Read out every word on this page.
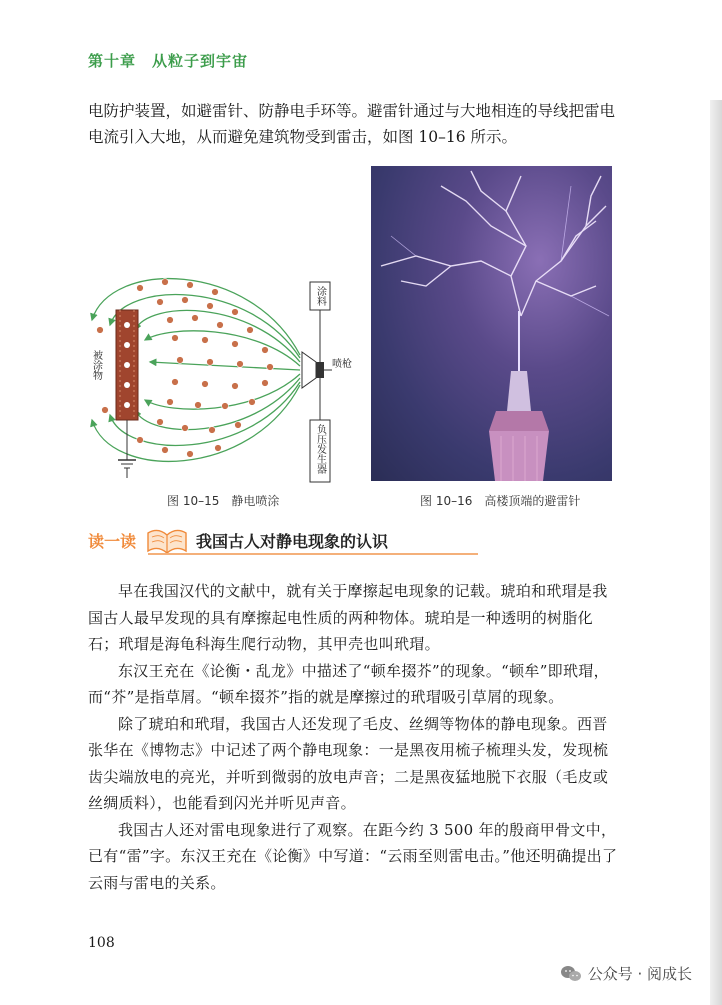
第十章　从粒子到宇宙
电防护装置，如避雷针、防静电手环等。避雷针通过与大地相连的导线把雷电电流引入大地，从而避免建筑物受到雷击，如图 10–16 所示。
被涂物	喷枪
涂料
负压发生器
图 10–15　静电喷涂	图 10–16　高楼顶端的避雷针
读一读	我国古人对静电现象的认识

早在我国汉代的文献中，就有关于摩擦起电现象的记载。琥珀和玳瑁是我国古人最早发现的具有摩擦起电性质的两种物体。琥珀是一种透明的树脂化石；玳瑁是海龟科海生爬行动物，其甲壳也叫玳瑁。

东汉王充在《论衡・乱龙》中描述了“顿牟掇芥”的现象。“顿牟”即玳瑁，而“芥”是指草屑。“顿牟掇芥”指的就是摩擦过的玳瑁吸引草屑的现象。

除了琥珀和玳瑁，我国古人还发现了毛皮、丝绸等物体的静电现象。西晋张华在《博物志》中记述了两个静电现象：一是黑夜用梳子梳理头发，发现梳齿尖端放电的亮光，并听到微弱的放电声音；二是黑夜猛地脱下衣服（毛皮或丝绸质料），也能看到闪光并听见声音。

我国古人还对雷电现象进行了观察。在距今约 3 500 年的殷商甲骨文中，已有“雷”字。东汉王充在《论衡》中写道：“云雨至则雷电击。”他还明确提出了云雨与雷电的关系。

108
公众号 · 阅成长
